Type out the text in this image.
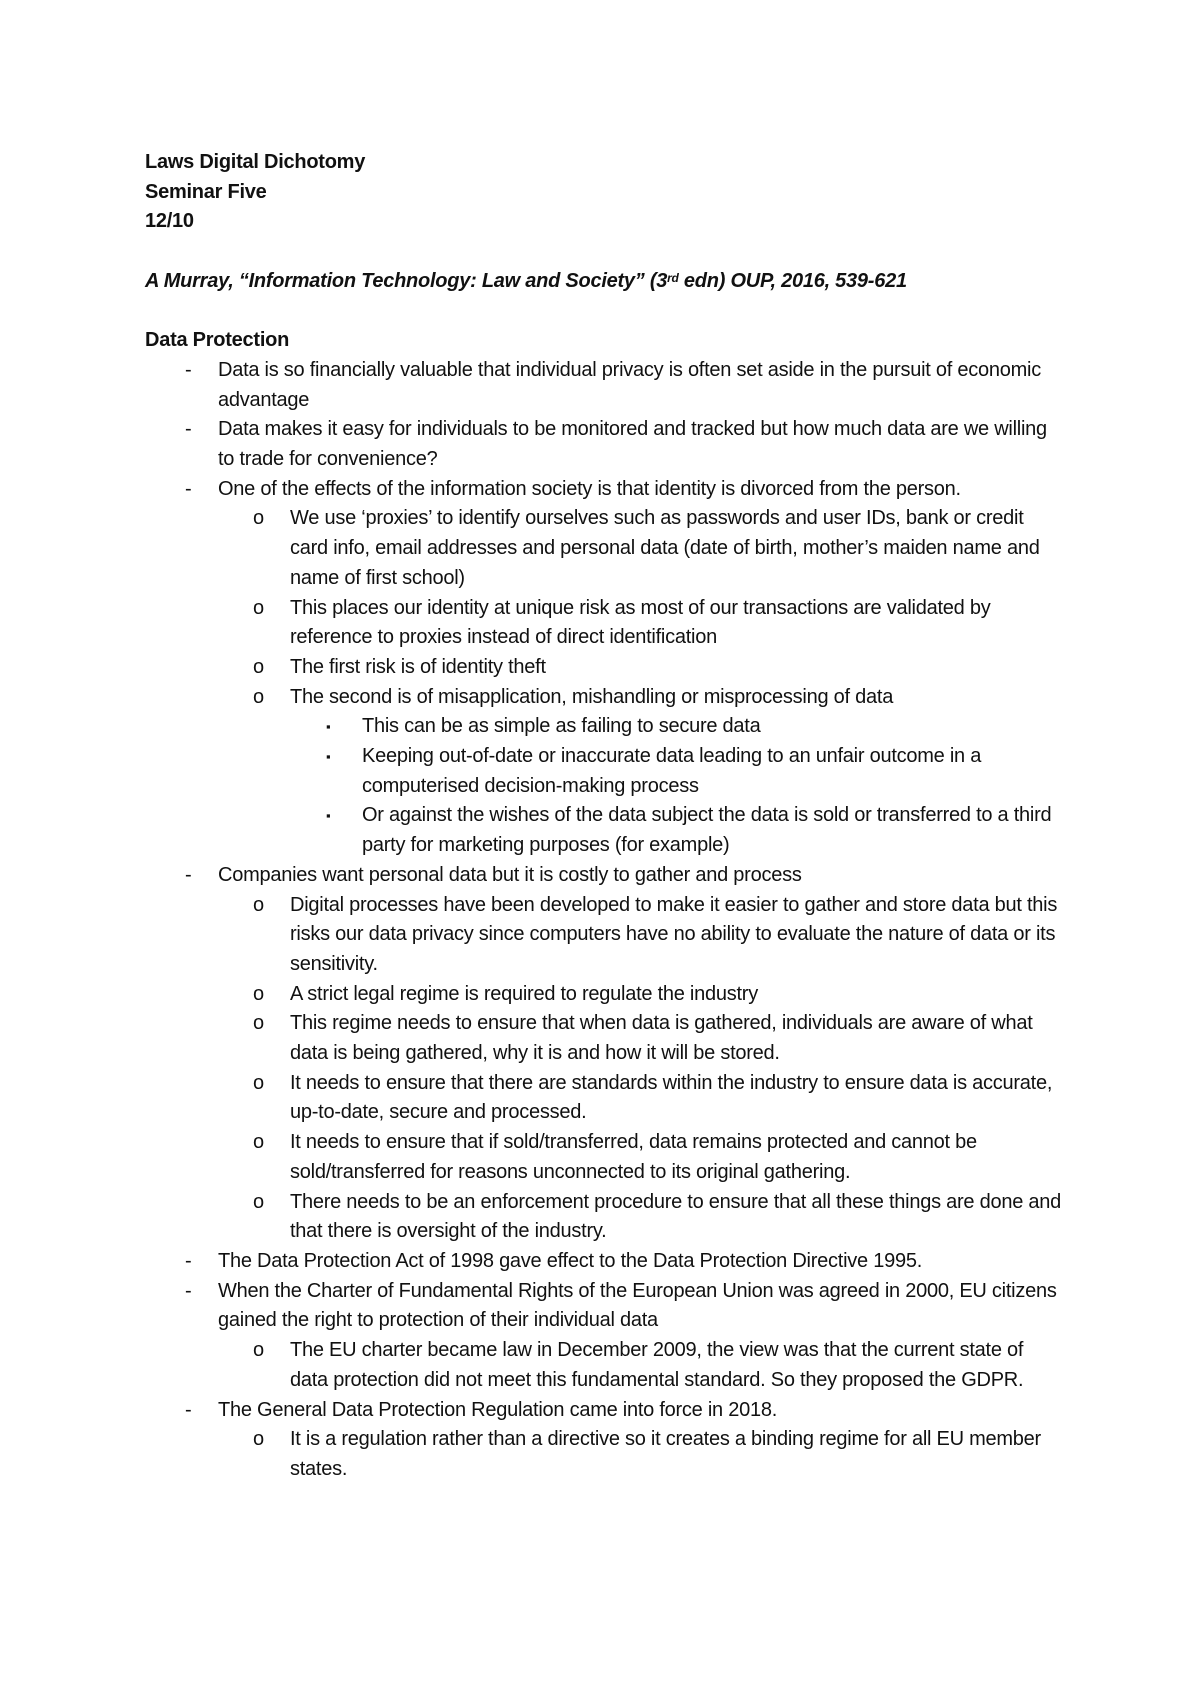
Laws Digital Dichotomy
Seminar Five
12/10
A Murray, “Information Technology: Law and Society” (3rd edn) OUP, 2016, 539-621
Data Protection
-	Data is so financially valuable that individual privacy is often set aside in the pursuit of economic advantage
-	Data makes it easy for individuals to be monitored and tracked but how much data are we willing to trade for convenience?
-	One of the effects of the information society is that identity is divorced from the person.
o	We use ‘proxies’ to identify ourselves such as passwords and user IDs, bank or credit card info, email addresses and personal data (date of birth, mother’s maiden name and name of first school)
o	This places our identity at unique risk as most of our transactions are validated by reference to proxies instead of direct identification
o	The first risk is of identity theft
o	The second is of misapplication, mishandling or misprocessing of data
▪	This can be as simple as failing to secure data
▪	Keeping out-of-date or inaccurate data leading to an unfair outcome in a computerised decision-making process
▪	Or against the wishes of the data subject the data is sold or transferred to a third party for marketing purposes (for example)
-	Companies want personal data but it is costly to gather and process
o	Digital processes have been developed to make it easier to gather and store data but this risks our data privacy since computers have no ability to evaluate the nature of data or its sensitivity.
o	A strict legal regime is required to regulate the industry
o	This regime needs to ensure that when data is gathered, individuals are aware of what data is being gathered, why it is and how it will be stored.
o	It needs to ensure that there are standards within the industry to ensure data is accurate, up-to-date, secure and processed.
o	It needs to ensure that if sold/transferred, data remains protected and cannot be sold/transferred for reasons unconnected to its original gathering.
o	There needs to be an enforcement procedure to ensure that all these things are done and that there is oversight of the industry.
-	The Data Protection Act of 1998 gave effect to the Data Protection Directive 1995.
-	When the Charter of Fundamental Rights of the European Union was agreed in 2000, EU citizens gained the right to protection of their individual data
o	The EU charter became law in December 2009, the view was that the current state of data protection did not meet this fundamental standard. So they proposed the GDPR.
-	The General Data Protection Regulation came into force in 2018.
o	It is a regulation rather than a directive so it creates a binding regime for all EU member states.
